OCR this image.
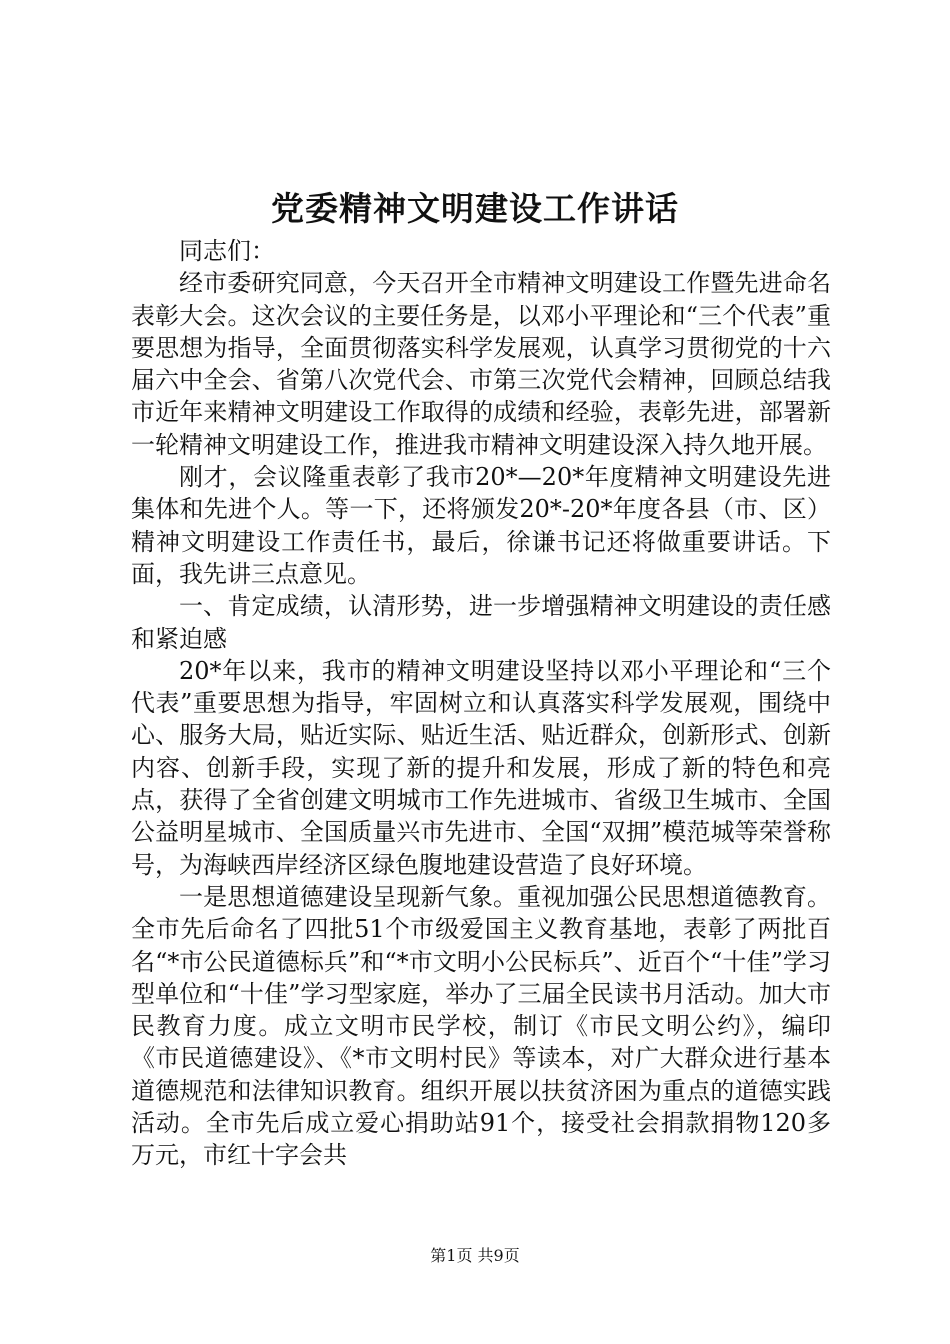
党委精神文明建设工作讲话

同志们：

经市委研究同意，今天召开全市精神文明建设工作暨先进命名表彰大会。这次会议的主要任务是，以邓小平理论和“三个代表”重要思想为指导，全面贯彻落实科学发展观，认真学习贯彻党的十六届六中全会、省第八次党代会、市第三次党代会精神，回顾总结我市近年来精神文明建设工作取得的成绩和经验，表彰先进，部署新一轮精神文明建设工作，推进我市精神文明建设深入持久地开展。

刚才，会议隆重表彰了我市20*—20*年度精神文明建设先进集体和先进个人。等一下，还将颁发20*-20*年度各县（市、区）精神文明建设工作责任书，最后，徐谦书记还将做重要讲话。下面，我先讲三点意见。

一、肯定成绩，认清形势，进一步增强精神文明建设的责任感和紧迫感

20*年以来，我市的精神文明建设坚持以邓小平理论和“三个代表”重要思想为指导，牢固树立和认真落实科学发展观，围绕中心、服务大局，贴近实际、贴近生活、贴近群众，创新形式、创新内容、创新手段，实现了新的提升和发展，形成了新的特色和亮点，获得了全省创建文明城市工作先进城市、省级卫生城市、全国公益明星城市、全国质量兴市先进市、全国“双拥”模范城等荣誉称号，为海峡西岸经济区绿色腹地建设营造了良好环境。

一是思想道德建设呈现新气象。重视加强公民思想道德教育。全市先后命名了四批51个市级爱国主义教育基地，表彰了两批百名“*市公民道德标兵”和“*市文明小公民标兵”、近百个“十佳”学习型单位和“十佳”学习型家庭，举办了三届全民读书月活动。加大市民教育力度。成立文明市民学校，制订《市民文明公约》，编印《市民道德建设》、《*市文明村民》等读本，对广大群众进行基本道德规范和法律知识教育。组织开展以扶贫济困为重点的道德实践活动。全市先后成立爱心捐助站91个，接受社会捐款捐物120多万元，市红十字会共

第1页 共9页
